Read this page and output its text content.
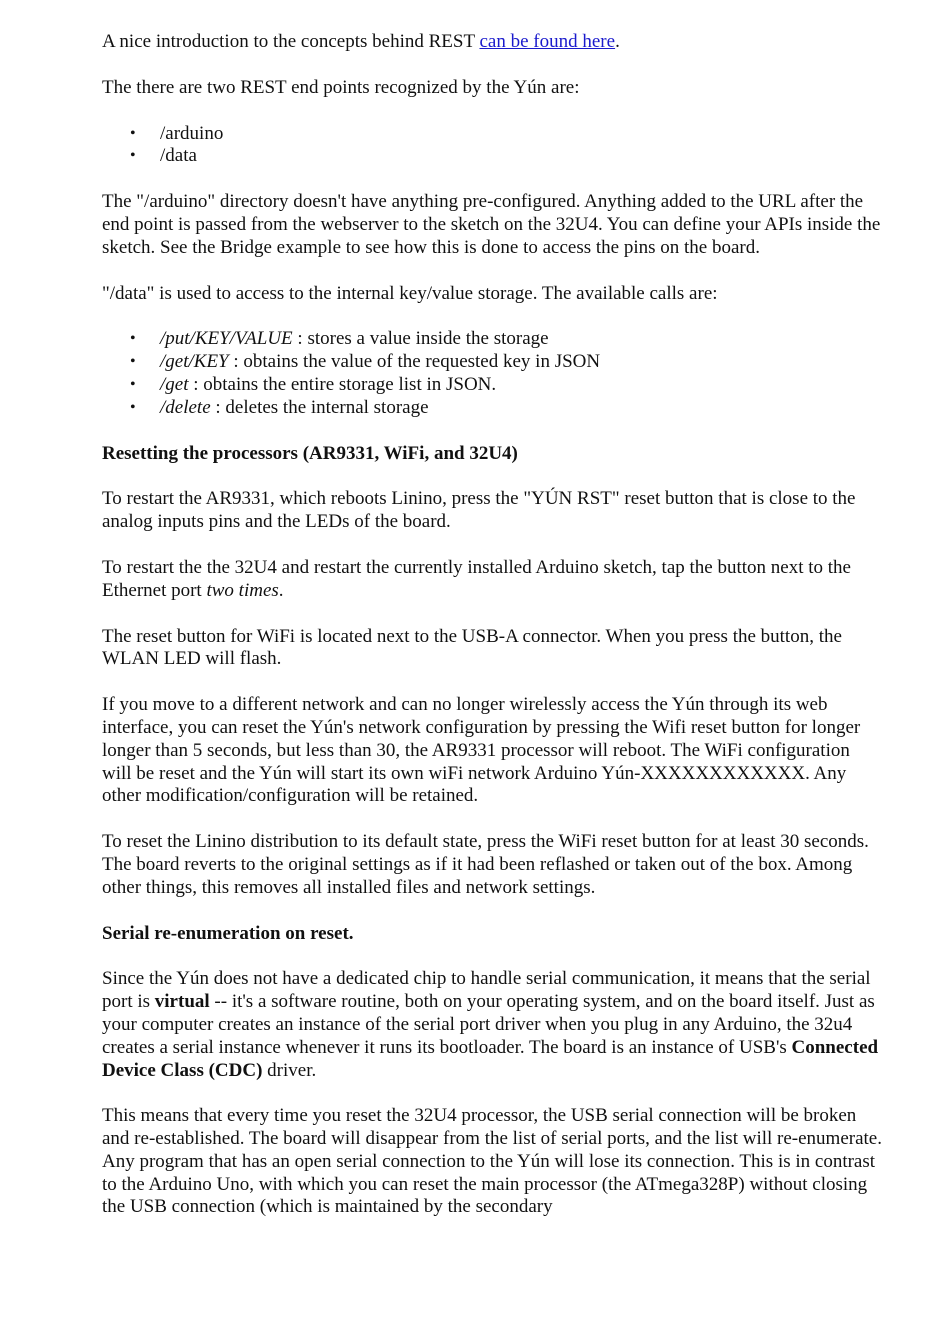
A nice introduction to the concepts behind REST can be found here.

The there are two REST end points recognized by the Yún are:

• /arduino
• /data

The "/arduino" directory doesn't have anything pre-configured. Anything added to the URL after the end point is passed from the webserver to the sketch on the 32U4. You can define your APIs inside the sketch. See the Bridge example to see how this is done to access the pins on the board.

"/data" is used to access to the internal key/value storage. The available calls are:

• /put/KEY/VALUE : stores a value inside the storage
• /get/KEY : obtains the value of the requested key in JSON
• /get : obtains the entire storage list in JSON.
• /delete : deletes the internal storage
Resetting the processors (AR9331, WiFi, and 32U4)

To restart the AR9331, which reboots Linino, press the "YÚN RST" reset button that is close to the analog inputs pins and the LEDs of the board.

To restart the the 32U4 and restart the currently installed Arduino sketch, tap the button next to the Ethernet port two times.

The reset button for WiFi is located next to the USB-A connector. When you press the button, the WLAN LED will flash.

If you move to a different network and can no longer wirelessly access the Yún through its web interface, you can reset the Yún's network configuration by pressing the Wifi reset button for longer longer than 5 seconds, but less than 30, the AR9331 processor will reboot. The WiFi configuration will be reset and the Yún will start its own wiFi network Arduino Yún-XXXXXXXXXXXX. Any other modification/configuration will be retained.

To reset the Linino distribution to its default state, press the WiFi reset button for at least 30 seconds. The board reverts to the original settings as if it had been reflashed or taken out of the box. Among other things, this removes all installed files and network settings.

Serial re-enumeration on reset.

Since the Yún does not have a dedicated chip to handle serial communication, it means that the serial port is virtual -- it's a software routine, both on your operating system, and on the board itself. Just as your computer creates an instance of the serial port driver when you plug in any Arduino, the 32u4 creates a serial instance whenever it runs its bootloader. The board is an instance of USB's Connected Device Class (CDC) driver.

This means that every time you reset the 32U4 processor, the USB serial connection will be broken and re-established. The board will disappear from the list of serial ports, and the list will re-enumerate. Any program that has an open serial connection to the Yún will lose its connection. This is in contrast to the Arduino Uno, with which you can reset the main processor (the ATmega328P) without closing the USB connection (which is maintained by the secondary
